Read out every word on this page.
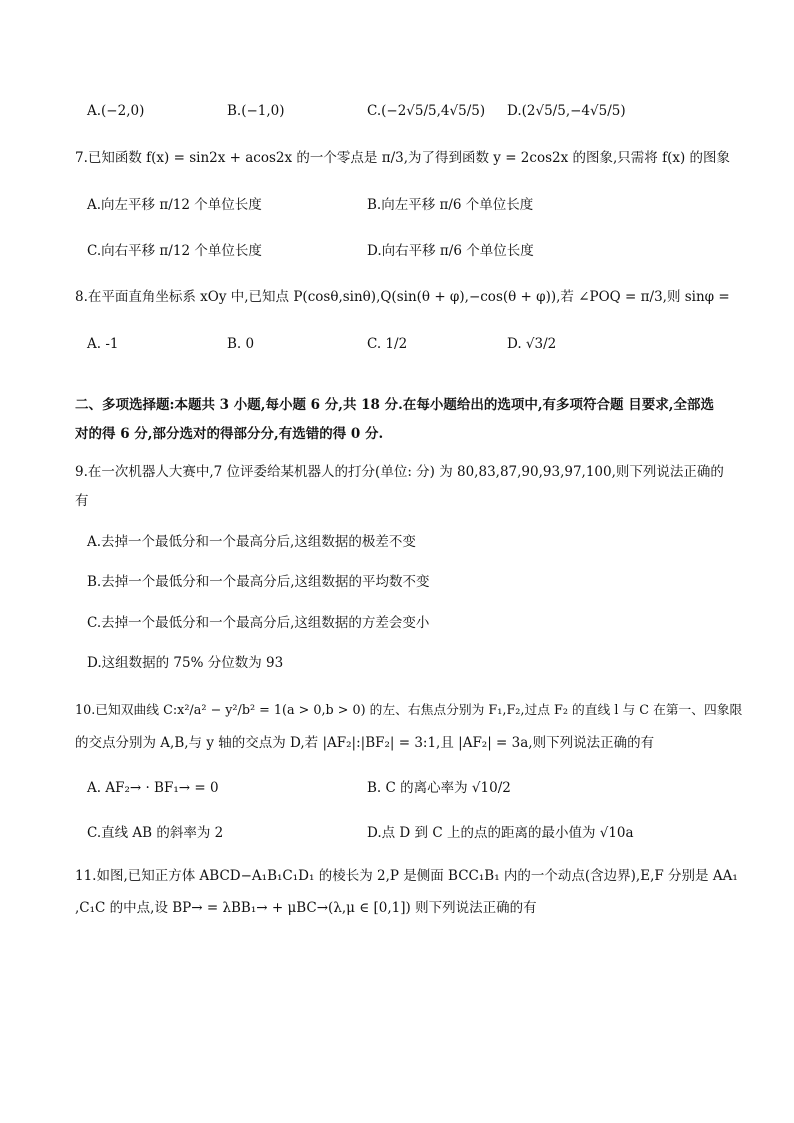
A.(−2,0)	B.(−1,0)	C.(−2√5/5,4√5/5) D.(2√5/5,−4√5/5)
7.已知函数 f(x) = sin2x + acos2x 的一个零点是 π/3,为了得到函数 y = 2cos2x 的图象,只需将 f(x) 的图象
A.向左平移 π/12 个单位长度	B.向左平移 π/6 个单位长度
C.向右平移 π/12 个单位长度	D.向右平移 π/6 个单位长度
8.在平面直角坐标系 xOy 中,已知点 P(cosθ,sinθ),Q(sin(θ + φ),−cos(θ + φ)),若 ∠POQ = π/3,则 sinφ =
A. -1	B. 0	C. 1/2	D. √3/2
二、多项选择题:本题共 3 小题,每小题 6 分,共 18 分.在每小题给出的选项中,有多项符合题 目要求,全部选
对的得 6 分,部分选对的得部分分,有选错的得 0 分.
9.在一次机器人大赛中,7 位评委给某机器人的打分(单位: 分) 为 80,83,87,90,93,97,100,则下列说法正确的
有
A.去掉一个最低分和一个最高分后,这组数据的极差不变
B.去掉一个最低分和一个最高分后,这组数据的平均数不变
C.去掉一个最低分和一个最高分后,这组数据的方差会变小
D.这组数据的 75% 分位数为 93
10.已知双曲线 C:x²/a² − y²/b² = 1(a > 0,b > 0) 的左、右焦点分别为 F₁,F₂,过点 F₂ 的直线 l 与 C 在第一、四象限
的交点分别为 A,B,与 y 轴的交点为 D,若 |AF₂|:|BF₂| = 3:1,且 |AF₂| = 3a,则下列说法正确的有
A. AF₂→ · BF₁→ = 0	B. C 的离心率为 √10/2
C.直线 AB 的斜率为 2	D.点 D 到 C 上的点的距离的最小值为 √10a
11.如图,已知正方体 ABCD−A₁B₁C₁D₁ 的棱长为 2,P 是侧面 BCC₁B₁ 内的一个动点(含边界),E,F 分别是 AA₁
,C₁C 的中点,设 BP→ = λBB₁→ + μBC→(λ,μ ∈ [0,1]) 则下列说法正确的有
